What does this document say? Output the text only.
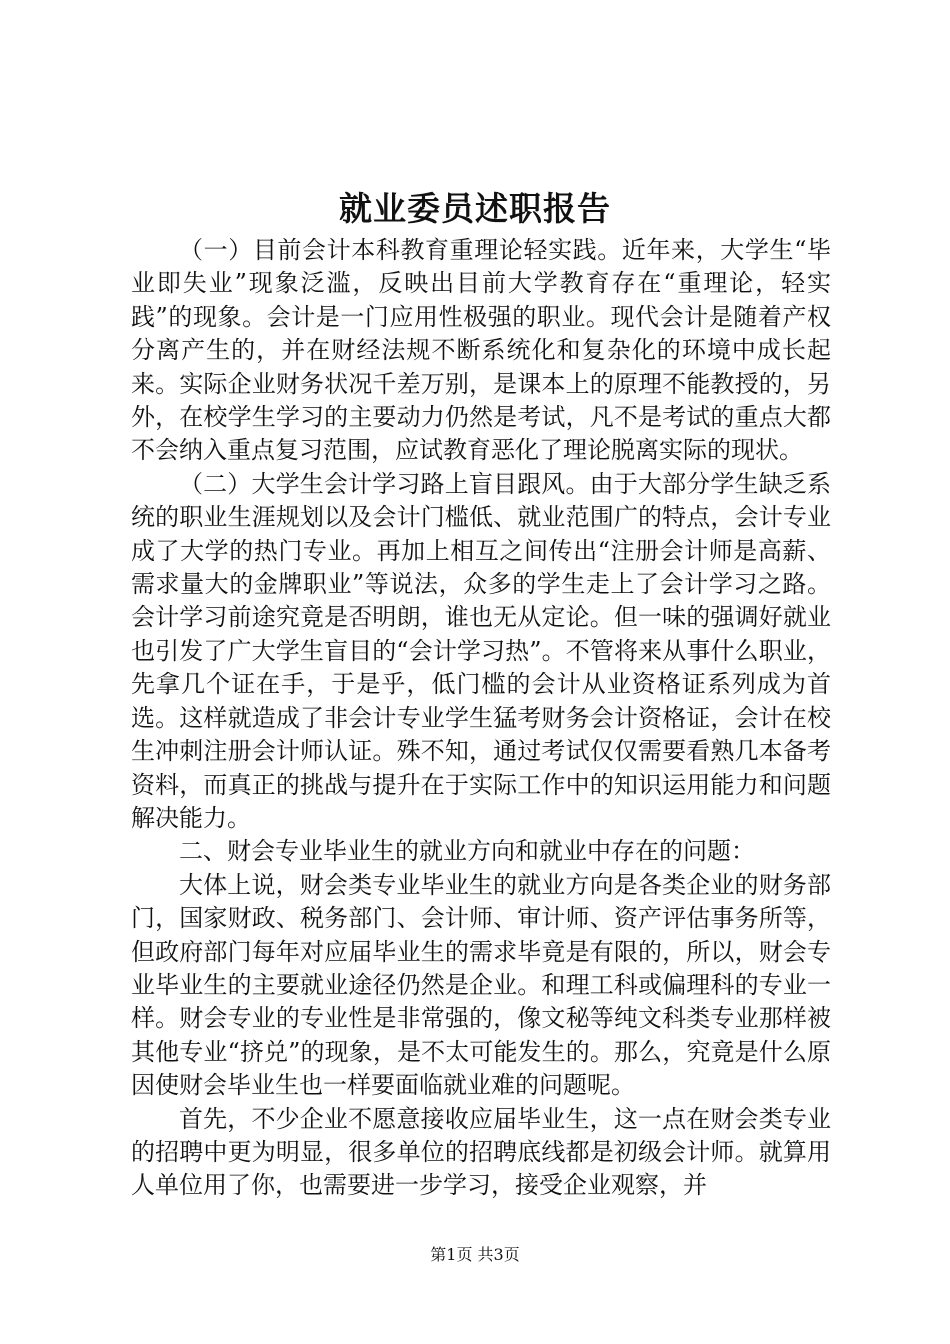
就业委员述职报告

（一）目前会计本科教育重理论轻实践。近年来，大学生“毕业即失业”现象泛滥，反映出目前大学教育存在“重理论，轻实践”的现象。会计是一门应用性极强的职业。现代会计是随着产权分离产生的，并在财经法规不断系统化和复杂化的环境中成长起来。实际企业财务状况千差万别，是课本上的原理不能教授的，另外，在校学生学习的主要动力仍然是考试，凡不是考试的重点大都不会纳入重点复习范围，应试教育恶化了理论脱离实际的现状。

（二）大学生会计学习路上盲目跟风。由于大部分学生缺乏系统的职业生涯规划以及会计门槛低、就业范围广的特点，会计专业成了大学的热门专业。再加上相互之间传出“注册会计师是高薪、需求量大的金牌职业”等说法，众多的学生走上了会计学习之路。会计学习前途究竟是否明朗，谁也无从定论。但一味的强调好就业也引发了广大学生盲目的“会计学习热”。不管将来从事什么职业，先拿几个证在手，于是乎，低门槛的会计从业资格证系列成为首选。这样就造成了非会计专业学生猛考财务会计资格证，会计在校生冲刺注册会计师认证。殊不知，通过考试仅仅需要看熟几本备考资料，而真正的挑战与提升在于实际工作中的知识运用能力和问题解决能力。

二、财会专业毕业生的就业方向和就业中存在的问题：

大体上说，财会类专业毕业生的就业方向是各类企业的财务部门，国家财政、税务部门、会计师、审计师、资产评估事务所等，但政府部门每年对应届毕业生的需求毕竟是有限的，所以，财会专业毕业生的主要就业途径仍然是企业。和理工科或偏理科的专业一样。财会专业的专业性是非常强的，像文秘等纯文科类专业那样被其他专业“挤兑”的现象，是不太可能发生的。那么，究竟是什么原因使财会毕业生也一样要面临就业难的问题呢。

首先，不少企业不愿意接收应届毕业生，这一点在财会类专业的招聘中更为明显，很多单位的招聘底线都是初级会计师。就算用人单位用了你，也需要进一步学习，接受企业观察，并

第1页 共3页
